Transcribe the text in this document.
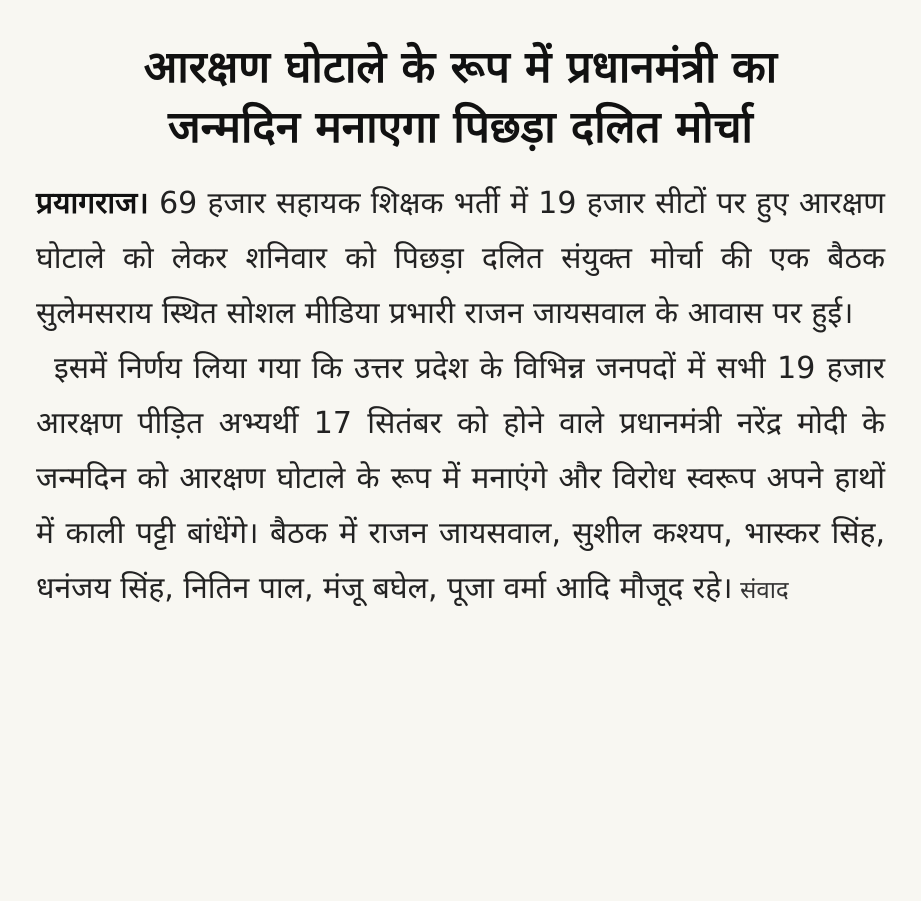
आरक्षण घोटाले के रूप में प्रधानमंत्री का
जन्मदिन मनाएगा पिछड़ा दलित मोर्चा

प्रयागराज। 69 हजार सहायक शिक्षक भर्ती में 19 हजार सीटों पर हुए आरक्षण घोटाले को लेकर शनिवार को पिछड़ा दलित संयुक्त मोर्चा की एक बैठक सुलेमसराय स्थित सोशल मीडिया प्रभारी राजन जायसवाल के आवास पर हुई।

इसमें निर्णय लिया गया कि उत्तर प्रदेश के विभिन्न जनपदों में सभी 19 हजार आरक्षण पीड़ित अभ्यर्थी 17 सितंबर को होने वाले प्रधानमंत्री नरेंद्र मोदी के जन्मदिन को आरक्षण घोटाले के रूप में मनाएंगे और विरोध स्वरूप अपने हाथों में काली पट्टी बांधेंगे। बैठक में राजन जायसवाल, सुशील कश्यप, भास्कर सिंह, धनंजय सिंह, नितिन पाल, मंजू बघेल, पूजा वर्मा आदि मौजूद रहे। संवाद
